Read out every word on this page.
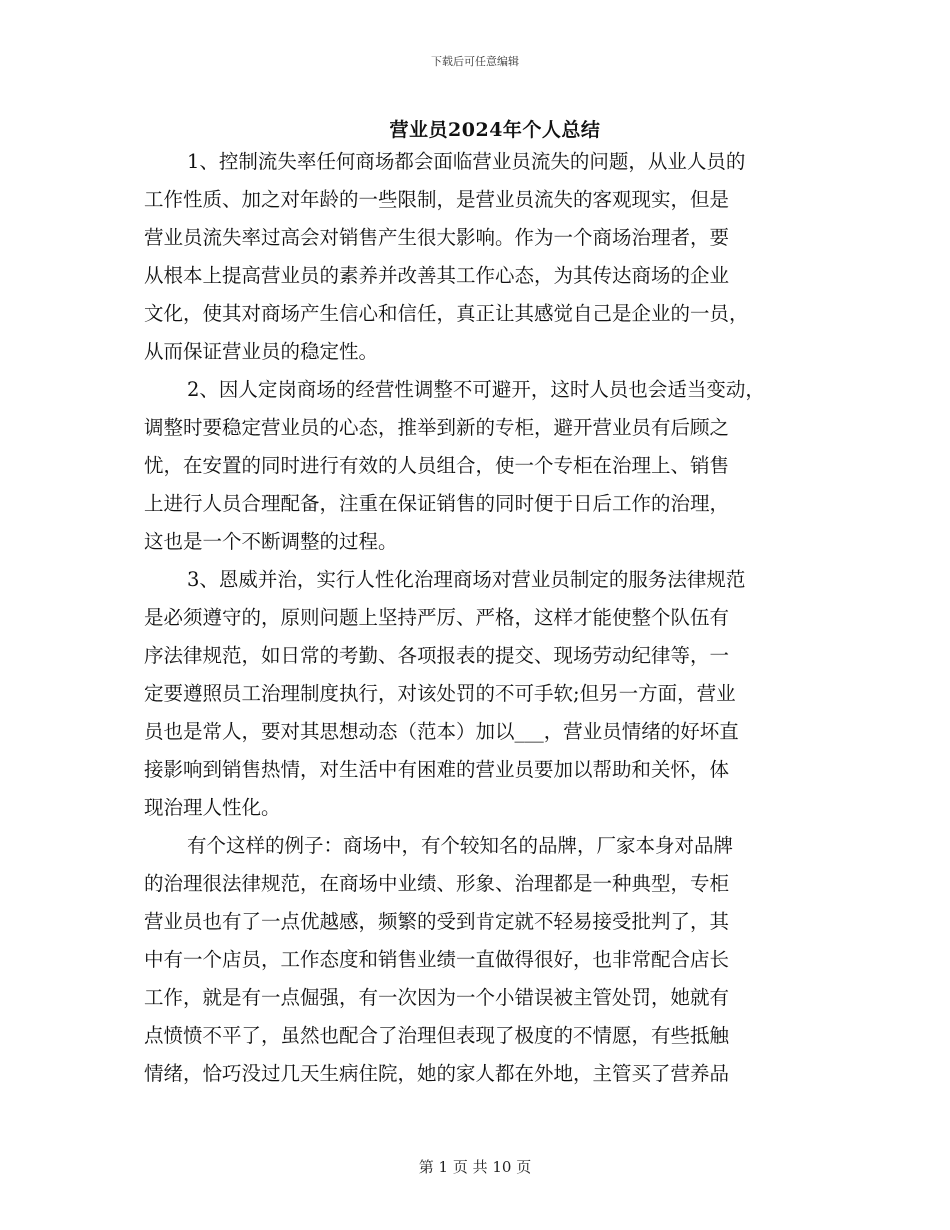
下载后可任意编辑
营业员2024年个人总结
1、控制流失率任何商场都会面临营业员流失的问题，从业人员的
工作性质、加之对年龄的一些限制，是营业员流失的客观现实，但是
营业员流失率过高会对销售产生很大影响。作为一个商场治理者，要
从根本上提高营业员的素养并改善其工作心态，为其传达商场的企业
文化，使其对商场产生信心和信任，真正让其感觉自己是企业的一员，
从而保证营业员的稳定性。
2、因人定岗商场的经营性调整不可避开，这时人员也会适当变动，
调整时要稳定营业员的心态，推举到新的专柜，避开营业员有后顾之
忧，在安置的同时进行有效的人员组合，使一个专柜在治理上、销售
上进行人员合理配备，注重在保证销售的同时便于日后工作的治理，
这也是一个不断调整的过程。
3、恩威并治，实行人性化治理商场对营业员制定的服务法律规范
是必须遵守的，原则问题上坚持严厉、严格，这样才能使整个队伍有
序法律规范，如日常的考勤、各项报表的提交、现场劳动纪律等，一
定要遵照员工治理制度执行，对该处罚的不可手软;但另一方面，营业
员也是常人，要对其思想动态（范本）加以___，营业员情绪的好坏直
接影响到销售热情，对生活中有困难的营业员要加以帮助和关怀，体
现治理人性化。
有个这样的例子：商场中，有个较知名的品牌，厂家本身对品牌
的治理很法律规范，在商场中业绩、形象、治理都是一种典型，专柜
营业员也有了一点优越感，频繁的受到肯定就不轻易接受批判了，其
中有一个店员，工作态度和销售业绩一直做得很好，也非常配合店长
工作，就是有一点倔强，有一次因为一个小错误被主管处罚，她就有
点愤愤不平了，虽然也配合了治理但表现了极度的不情愿，有些抵触
情绪，恰巧没过几天生病住院，她的家人都在外地，主管买了营养品
第 1 页 共 10 页
